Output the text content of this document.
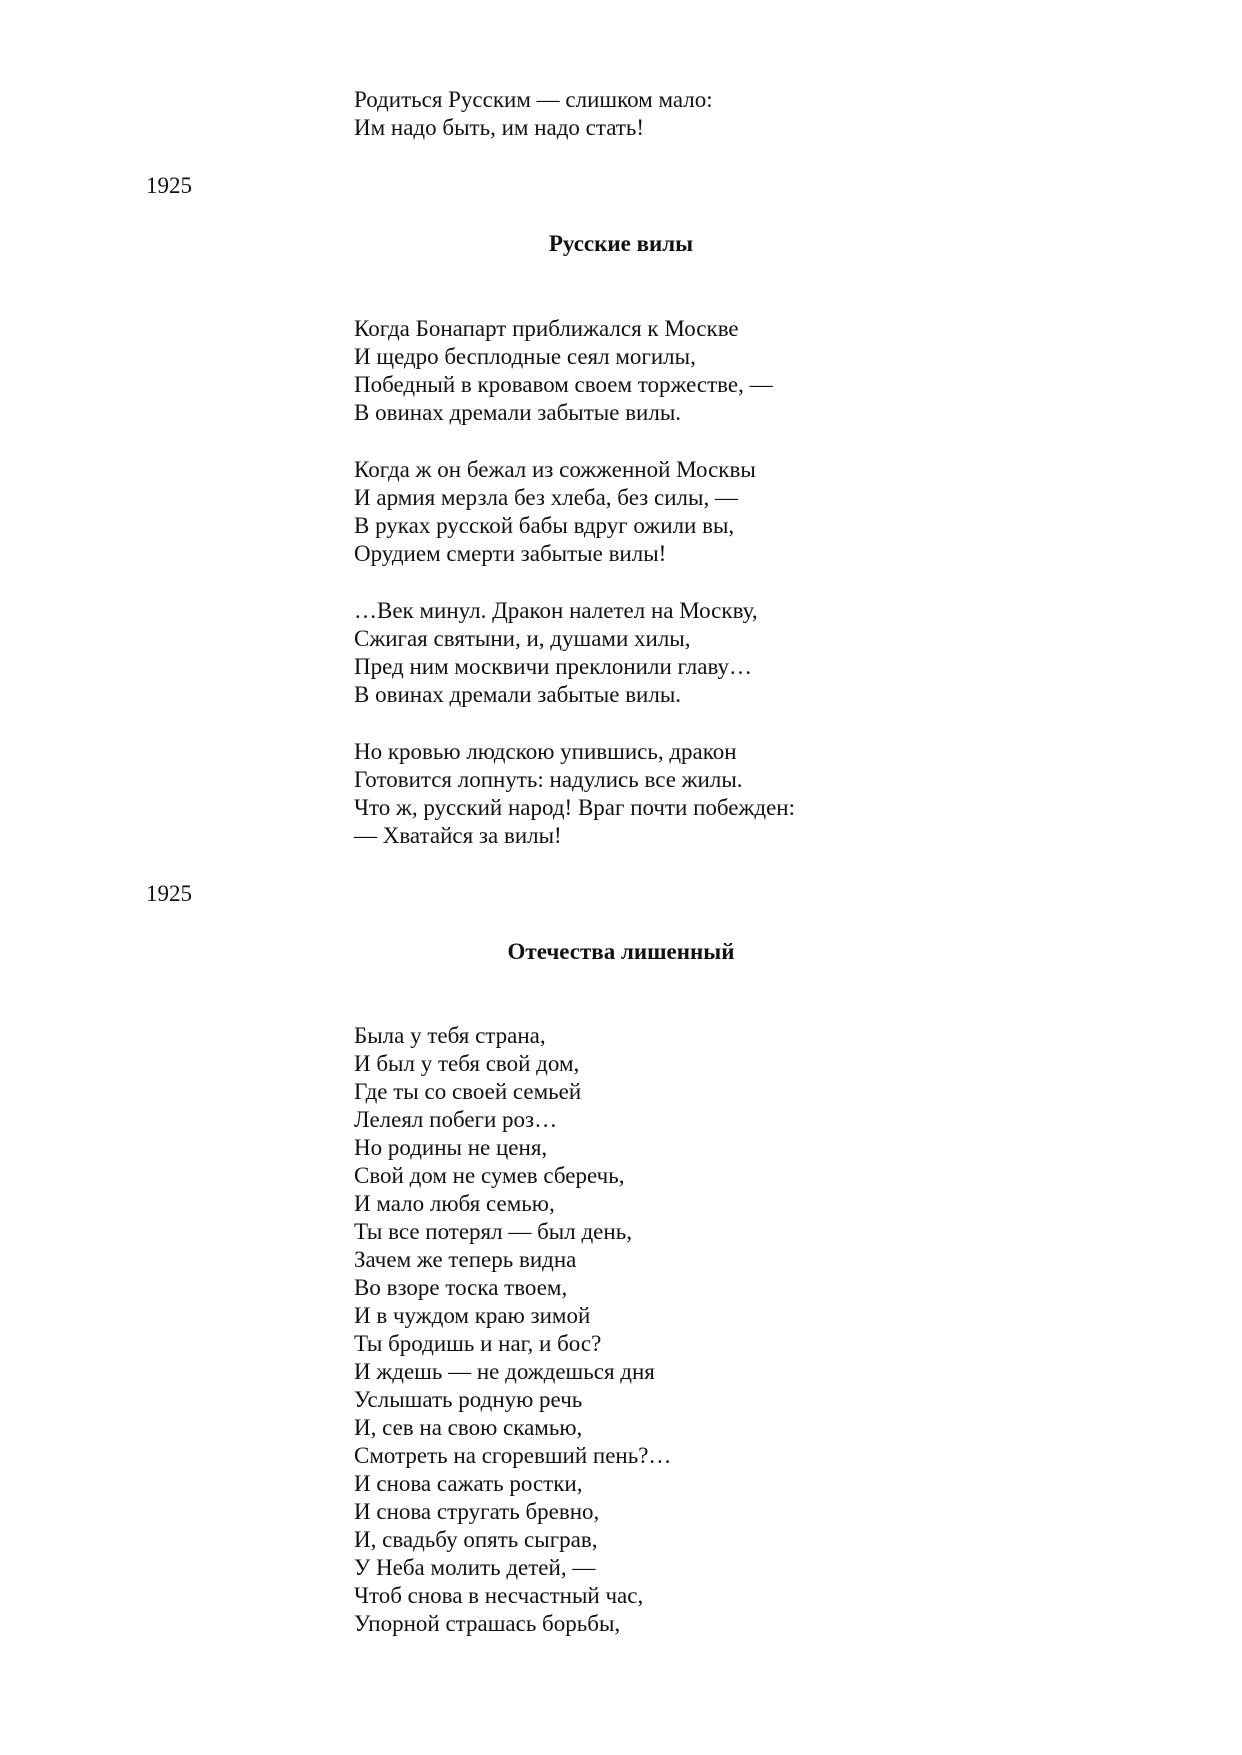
Родиться Русским — слишком мало:
Им надо быть, им надо стать!
1925
Русские вилы
Когда Бонапарт приближался к Москве
И щедро бесплодные сеял могилы,
Победный в кровавом своем торжестве, —
В овинах дремали забытые вилы.
Когда ж он бежал из сожженной Москвы
И армия мерзла без хлеба, без силы, —
В руках русской бабы вдруг ожили вы,
Орудием смерти забытые вилы!
…Век минул. Дракон налетел на Москву,
Сжигая святыни, и, душами хилы,
Пред ним москвичи преклонили главу…
В овинах дремали забытые вилы.
Но кровью людскою упившись, дракон
Готовится лопнуть: надулись все жилы.
Что ж, русский народ! Враг почти побежден:
— Хватайся за вилы!
1925
Отечества лишенный
Была у тебя страна,
И был у тебя свой дом,
Где ты со своей семьей
Лелеял побеги роз…
Но родины не ценя,
Свой дом не сумев сберечь,
И мало любя семью,
Ты все потерял — был день,
Зачем же теперь видна
Во взоре тоска твоем,
И в чуждом краю зимой
Ты бродишь и наг, и бос?
И ждешь — не дождешься дня
Услышать родную речь
И, сев на свою скамью,
Смотреть на сгоревший пень?…
И снова сажать ростки,
И снова стругать бревно,
И, свадьбу опять сыграв,
У Неба молить детей, —
Чтоб снова в несчастный час,
Упорной страшась борьбы,
